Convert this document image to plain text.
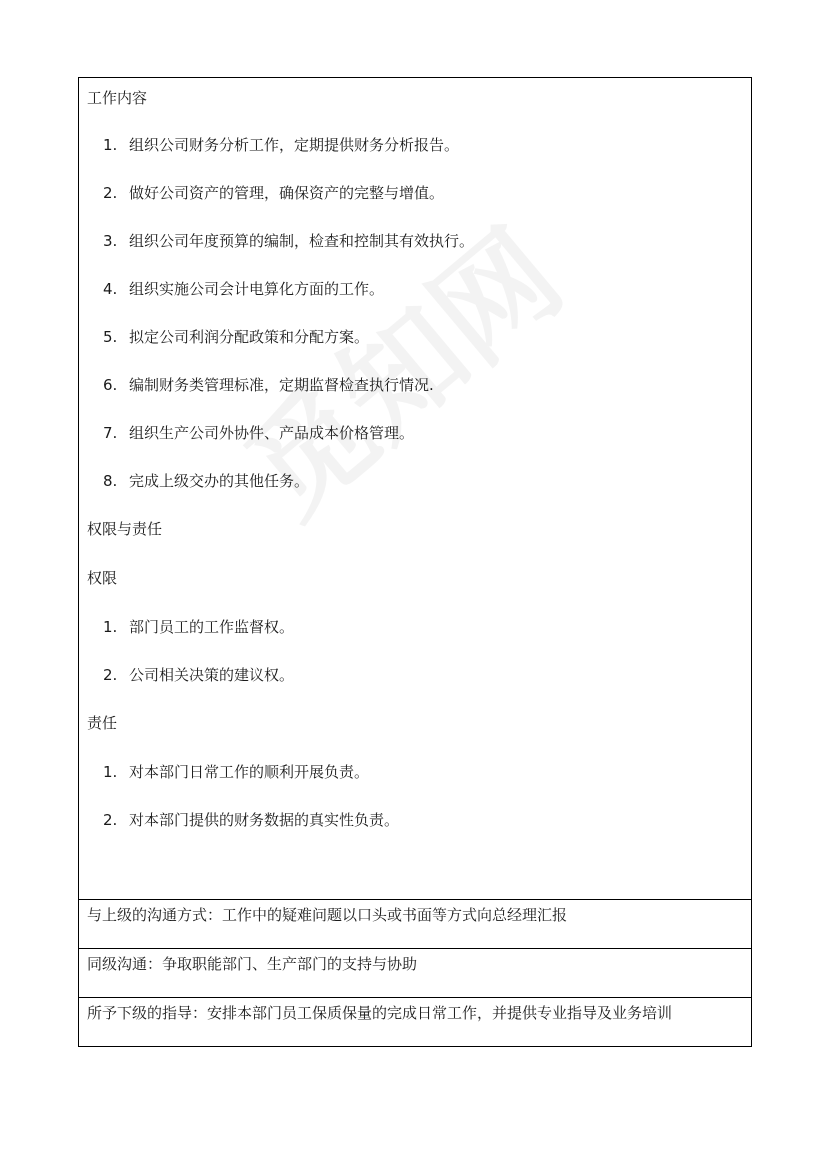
工作内容
1. 组织公司财务分析工作，定期提供财务分析报告。
2. 做好公司资产的管理，确保资产的完整与增值。
3. 组织公司年度预算的编制，检查和控制其有效执行。
4. 组织实施公司会计电算化方面的工作。
5. 拟定公司利润分配政策和分配方案。
6. 编制财务类管理标准，定期监督检查执行情况.
7. 组织生产公司外协件、产品成本价格管理。
8. 完成上级交办的其他任务。
权限与责任
权限
1. 部门员工的工作监督权。
2. 公司相关决策的建议权。
责任
1. 对本部门日常工作的顺利开展负责。
2. 对本部门提供的财务数据的真实性负责。

与上级的沟通方式：工作中的疑难问题以口头或书面等方式向总经理汇报

同级沟通：争取职能部门、生产部门的支持与协助

所予下级的指导：安排本部门员工保质保量的完成日常工作，并提供专业指导及业务培训
